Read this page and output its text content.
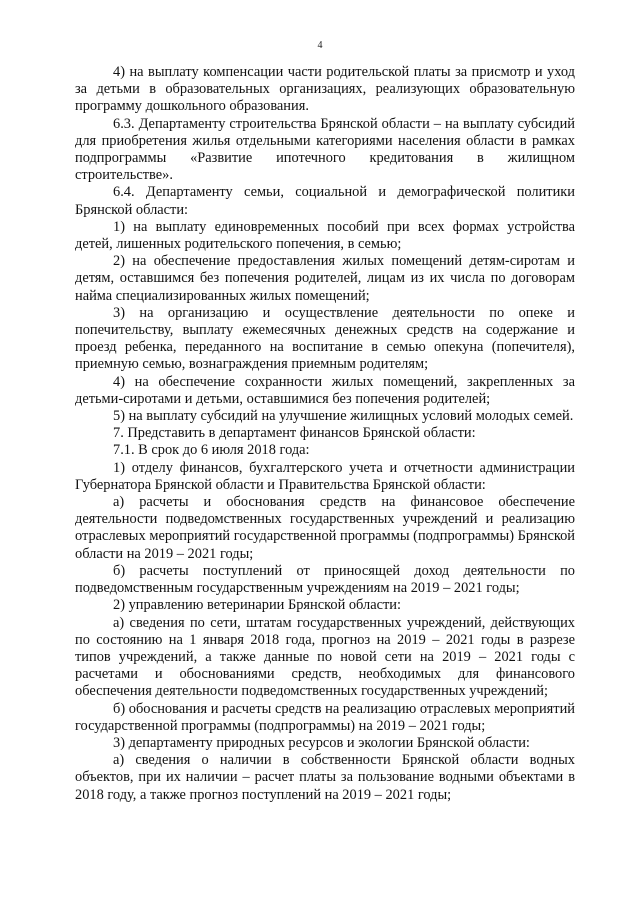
4

4) на выплату компенсации части родительской платы за присмотр и уход за детьми в образовательных организациях, реализующих образовательную программу дошкольного образования.

6.3. Департаменту строительства Брянской области – на выплату субсидий для приобретения жилья отдельными категориями населения области в рамках подпрограммы «Развитие ипотечного кредитования в жилищном строительстве».

6.4. Департаменту семьи, социальной и демографической политики Брянской области:

1) на выплату единовременных пособий при всех формах устройства детей, лишенных родительского попечения, в семью;

2) на обеспечение предоставления жилых помещений детям-сиротам и детям, оставшимся без попечения родителей, лицам из их числа по договорам найма специализированных жилых помещений;

3) на организацию и осуществление деятельности по опеке и попечительству, выплату ежемесячных денежных средств на содержание и проезд ребенка, переданного на воспитание в семью опекуна (попечителя), приемную семью, вознаграждения приемным родителям;

4) на обеспечение сохранности жилых помещений, закрепленных за детьми-сиротами и детьми, оставшимися без попечения родителей;

5) на выплату субсидий на улучшение жилищных условий молодых семей.

7. Представить в департамент финансов Брянской области:

7.1. В срок до 6 июля 2018 года:

1) отделу финансов, бухгалтерского учета и отчетности администрации Губернатора Брянской области и Правительства Брянской области:

а) расчеты и обоснования средств на финансовое обеспечение деятельности подведомственных государственных учреждений и реализацию отраслевых мероприятий государственной программы (подпрограммы) Брянской области на 2019 – 2021 годы;

б) расчеты поступлений от приносящей доход деятельности по подведомственным государственным учреждениям на 2019 – 2021 годы;

2) управлению ветеринарии Брянской области:

а) сведения по сети, штатам государственных учреждений, действующих по состоянию на 1 января 2018 года, прогноз на 2019 – 2021 годы в разрезе типов учреждений, а также данные по новой сети на 2019 – 2021 годы с расчетами и обоснованиями средств, необходимых для финансового обеспечения деятельности подведомственных государственных учреждений;

б) обоснования и расчеты средств на реализацию отраслевых мероприятий государственной программы (подпрограммы) на 2019 – 2021 годы;

3) департаменту природных ресурсов и экологии Брянской области:

а) сведения о наличии в собственности Брянской области водных объектов, при их наличии – расчет платы за пользование водными объектами в 2018 году, а также прогноз поступлений на 2019 – 2021 годы;
